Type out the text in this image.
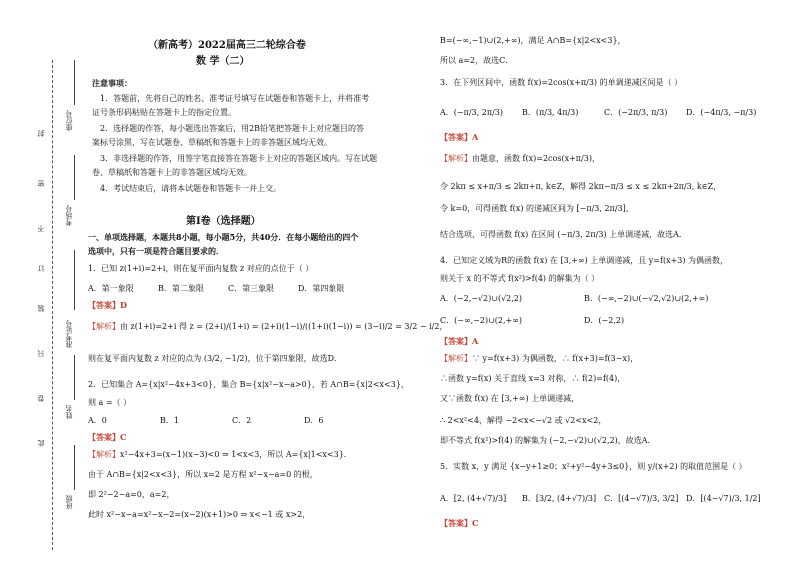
封
密
不
订
装
只
卷
此
座位号
考场号
准考证号
姓名
班级
（新高考）2022届高三二轮综合卷
数 学（二）
注意事项：
1．答题前，先将自己的姓名、准考证号填写在试题卷和答题卡上，并将准考
证号条形码粘贴在答题卡上的指定位置。
2．选择题的作答，每小题选出答案后，用2B铅笔把答题卡上对应题目的答
案标号涂黑，写在试题卷、草稿纸和答题卡上的非答题区域均无效。
3．非选择题的作答，用签字笔直接答在答题卡上对应的答题区域内。写在试题
卷、草稿纸和答题卡上的非答题区域均无效。
4．考试结束后，请将本试题卷和答题卡一并上交。
第Ⅰ卷（选择题）
一、单项选择题，本题共8小题，每小题5分，共40分．在每小题给出的四个
选项中，只有一项是符合题目要求的．
1．已知 z(1+i)=2+i，则在复平面内复数 z 对应的点位于（ ）
A．第一象限	B．第二象限	C．第三象限	D．第四象限
【答案】D
【解析】由 z(1+i)=2+i 得 z = (2+i)/(1+i) = (2+i)(1−i)/((1+i)(1−i)) = (3−i)/2 = 3/2 − i/2，
则在复平面内复数 z 对应的点为 (3/2, −1/2)，位于第四象限，故选D．
2．已知集合 A={x|x²−4x+3<0}，集合 B={x|x²−x−a>0}，若 A∩B={x|2<x<3}，
则 a =（ ）
A．0	B．1	C．2	D．6
【答案】C
【解析】x²−4x+3=(x−1)(x−3)<0 ⇒ 1<x<3，所以 A={x|1<x<3}．
由于 A∩B={x|2<x<3}，所以 x=2 是方程 x²−x−a=0 的根，
即 2²−2−a=0，a=2，
此时 x²−x−a=x²−x−2=(x−2)(x+1)>0 ⇒ x<−1 或 x>2，
B=(−∞,−1)∪(2,+∞)，满足 A∩B={x|2<x<3}，
所以 a=2，故选C．
3．在下列区间中，函数 f(x)=2cos(x+π/3) 的单调递减区间是（ ）
A．(−π/3, 2π/3) B．(π/3, 4π/3)	C．(−2π/3, π/3) D．(−4π/3, −π/3)
【答案】A
【解析】由题意，函数 f(x)=2cos(x+π/3)，
令 2kπ ≤ x+π/3 ≤ 2kπ+π, k∈Z，解得 2kπ−π/3 ≤ x ≤ 2kπ+2π/3, k∈Z，
令 k=0，可得函数 f(x) 的递减区间为 [−π/3, 2π/3]，
结合选项，可得函数 f(x) 在区间 (−π/3, 2π/3) 上单调递减，故选A．
4．已知定义域为R的函数 f(x) 在 [3,+∞) 上单调递减，且 y=f(x+3) 为偶函数，
则关于 x 的不等式 f(x²)>f(4) 的解集为（ ）
A．(−2,−√2)∪(√2,2)	B．(−∞,−2)∪(−√2,√2)∪(2,+∞)
C．(−∞,−2)∪(2,+∞)	D．(−2,2)
【答案】A
【解析】∵ y=f(x+3) 为偶函数，∴ f(x+3)=f(3−x)，
∴函数 y=f(x) 关于直线 x=3 对称，∴ f(2)=f(4)，
又∵函数 f(x) 在 [3,+∞) 上单调递减，
∴ 2<x²<4，解得 −2<x<−√2 或 √2<x<2，
即不等式 f(x²)>f(4) 的解集为 (−2,−√2)∪(√2,2)，故选A．
5．实数 x，y 满足 {x−y+1≥0；x²+y²−4y+3≤0}，则 y/(x+2) 的取值范围是（ ）
A．[2, (4+√7)/3] B．[3/2, (4+√7)/3] C．[(4−√7)/3, 3/2] D．[(4−√7)/3, 1/2]
【答案】C
